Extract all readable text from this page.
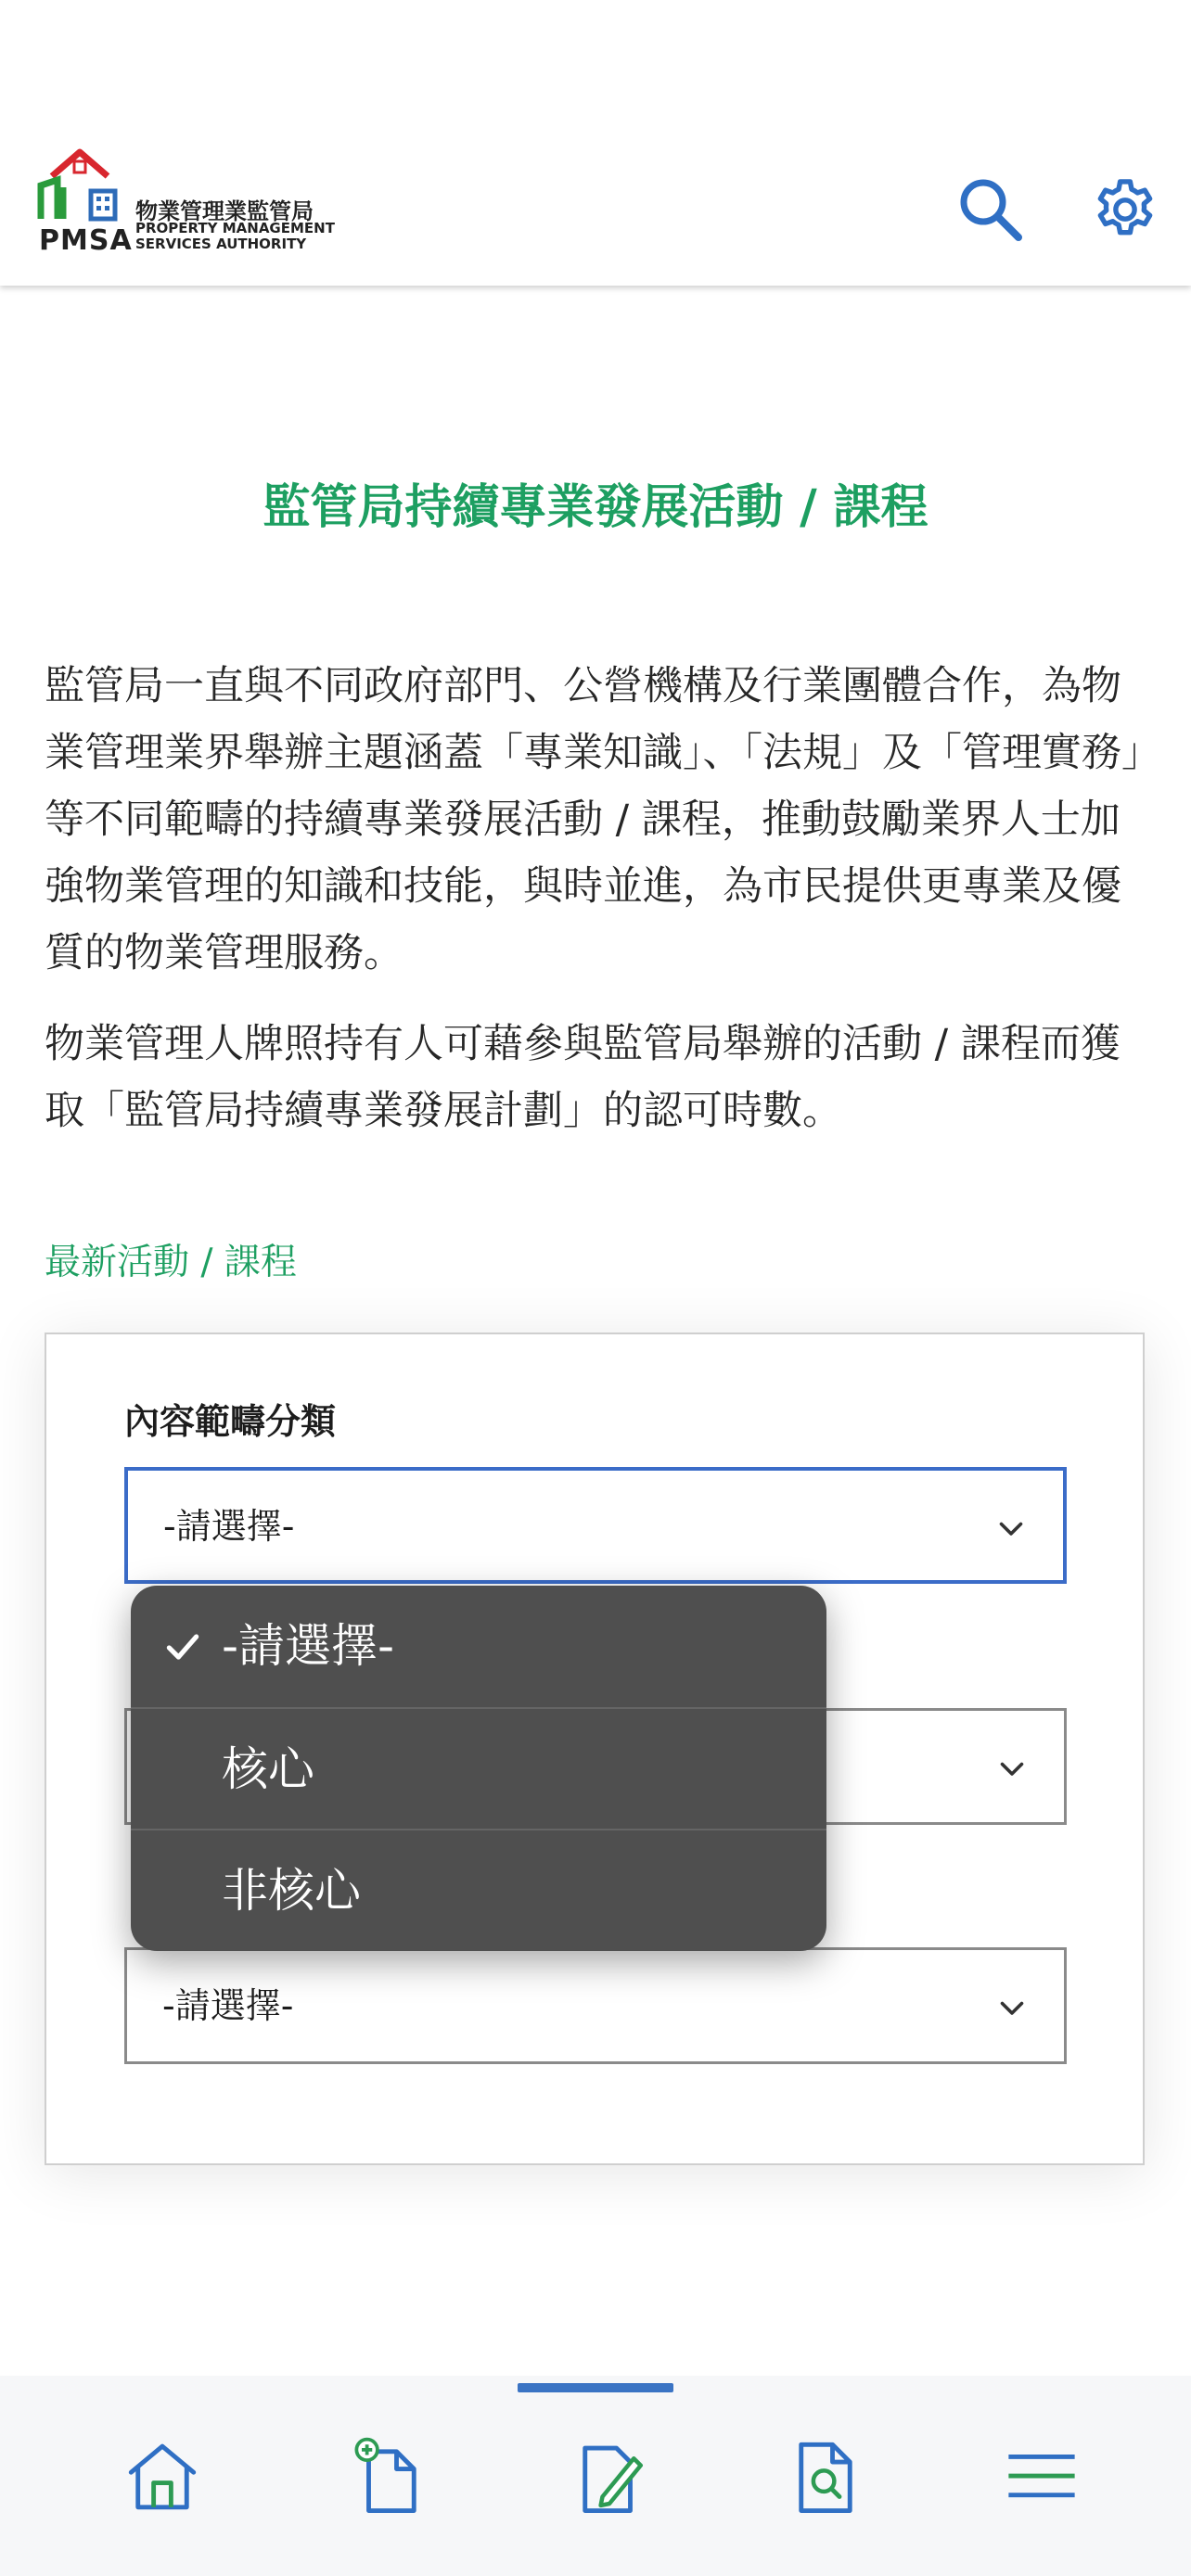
PMSA
物業管理業監管局
PROPERTY MANAGEMENT
SERVICES AUTHORITY
監管局持續專業發展活動 / 課程
監管局一直與不同政府部門、公營機構及行業團體合作，為物業管理業界舉辦主題涵蓋「專業知識」、「法規」及「管理實務」等不同範疇的持續專業發展活動 / 課程，推動鼓勵業界人士加強物業管理的知識和技能，與時並進，為市民提供更專業及優質的物業管理服務。
物業管理人牌照持有人可藉參與監管局舉辦的活動 / 課程而獲取「監管局持續專業發展計劃」的認可時數。
最新活動 / 課程
內容範疇分類
-請選擇-
-請選擇-
-請選擇-
核心
非核心
